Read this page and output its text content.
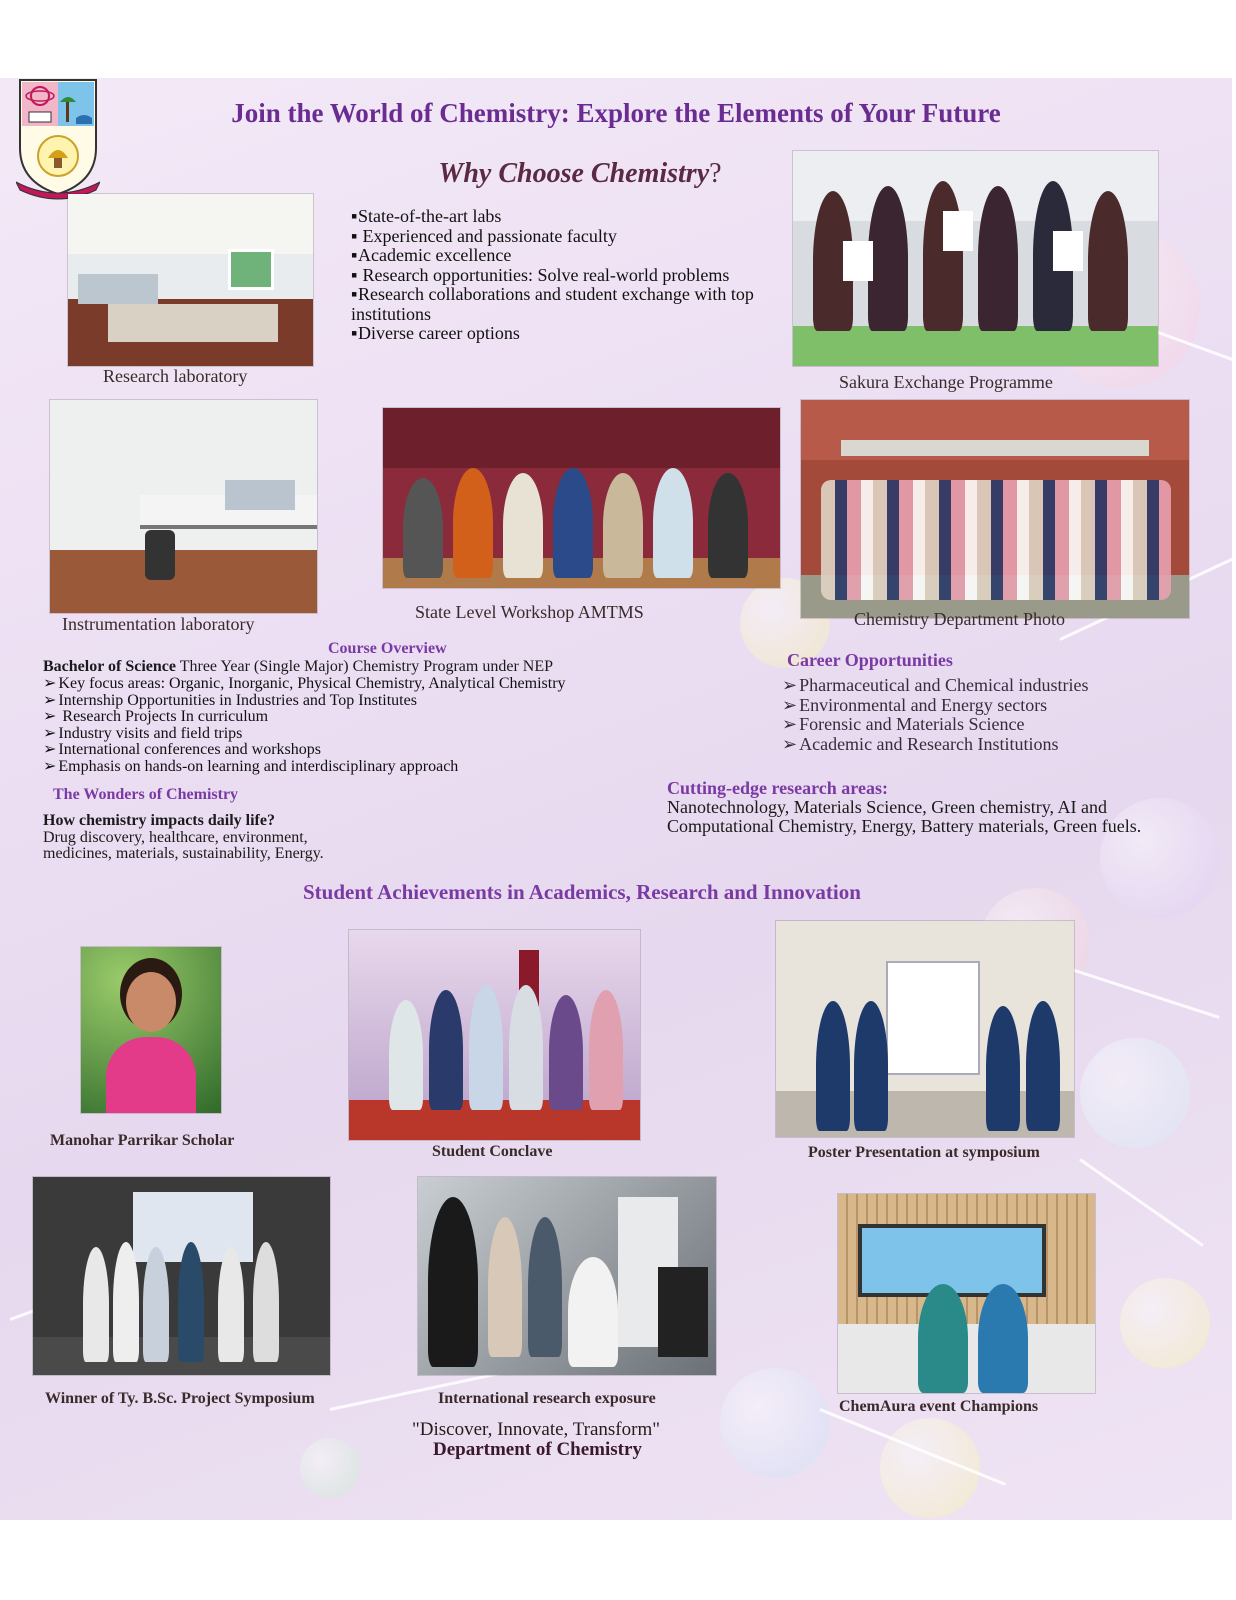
Join the World of Chemistry: Explore the Elements of Your Future
Why Choose Chemistry?
Research laboratory
▪State-of-the-art labs
▪ Experienced and passionate faculty
▪Academic excellence
▪ Research opportunities: Solve real-world problems
▪Research collaborations and student exchange with top institutions
▪Diverse career options
Sakura Exchange Programme
Instrumentation laboratory
State Level Workshop AMTMS	Chemistry Department Photo
Course Overview
Bachelor of Science Three Year (Single Major) Chemistry Program under NEP
➢ Key focus areas: Organic, Inorganic, Physical Chemistry, Analytical Chemistry
➢ Internship Opportunities in Industries and Top Institutes
➢ Research Projects In curriculum
➢ Industry visits and field trips
➢ International conferences and workshops
➢ Emphasis on hands-on learning and interdisciplinary approach
Career Opportunities
➢ Pharmaceutical and Chemical industries
➢ Environmental and Energy sectors
➢ Forensic and Materials Science
➢ Academic and Research Institutions
The Wonders of Chemistry
How chemistry impacts daily life?
Drug discovery, healthcare, environment,
medicines, materials, sustainability, Energy.
Cutting-edge research areas:
Nanotechnology, Materials Science, Green chemistry, AI and
Computational Chemistry, Energy, Battery materials, Green fuels.
Student Achievements in Academics, Research and Innovation
Manohar Parrikar Scholar
Student Conclave	Poster Presentation at symposium
Winner of Ty. B.Sc. Project Symposium	International research exposure	ChemAura event Champions
"Discover, Innovate, Transform"
Department of Chemistry
